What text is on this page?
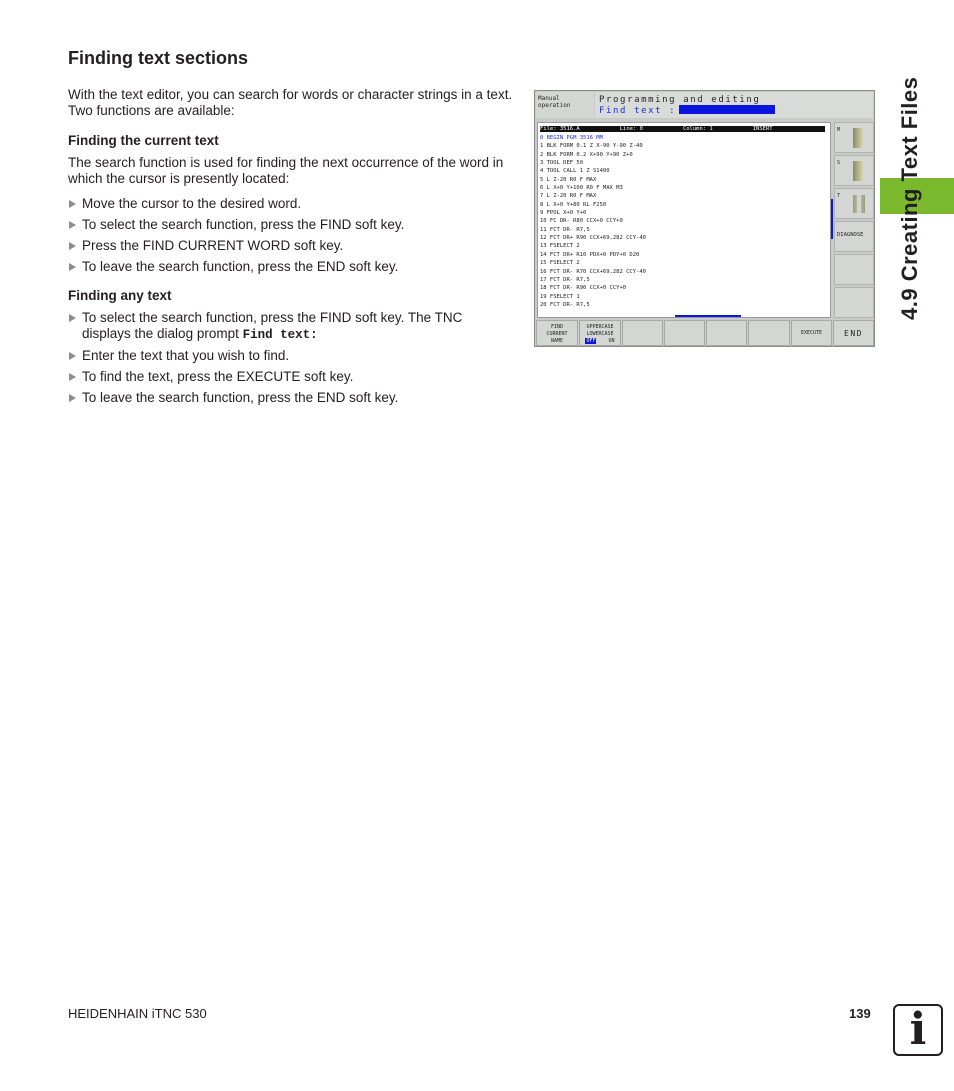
Finding text sections

With the text editor, you can search for words or character strings in a text. Two functions are available:

Finding the current text

The search function is used for finding the next occurrence of the word in which the cursor is presently located:

Move the cursor to the desired word.
To select the search function, press the FIND soft key.
Press the FIND CURRENT WORD soft key.
To leave the search function, press the END soft key.
Finding any text
To select the search function, press the FIND soft key. The TNC displays the dialog prompt Find text:
Enter the text that you wish to find.
To find the text, press the EXECUTE soft key.
To leave the search function, press the END soft key.
Manual
operation
Programming and editing
Find text :
File: 3516.A	Line: 0	Column: 1	INSERT
0 BEGIN PGM 3516 MM
1 BLK FORM 0.1 Z X-90 Y-90 Z-40
2 BLK FORM 0.2 X+90 Y+90 Z+0
3 TOOL DEF 50
4 TOOL CALL 1 Z S1400
5 L Z-20 R0 F MAX
6 L X+0 Y+100 R0 F MAX M3
7 L Z-20 R0 F MAX
8 L X+0 Y+80 RL F250
9 FPOL X+0 Y+0
10 FC DR- R80 CCX+0 CCY+0
11 FCT DR- R7,5
12 FCT DR+ R90 CCX+69,282 CCY-40
13 FSELECT 2
14 FCT DR+ R10 PDX+0 PDY+0 D20
15 FSELECT 2
16 FCT DR- R70 CCX+69,282 CCY-40
17 FCT DR- R7,5
18 FCT DR- R90 CCX+0 CCY+0
19 FSELECT 1
20 FCT DR- R7,5
M
S
T
DIAGNOSE
FIND
CURRENT
NAME
UPPERCASE
LOWERCASE
OFF	ON
EXECUTE	END
4.9 Creating Text Files
HEIDENHAIN iTNC 530	139 i
